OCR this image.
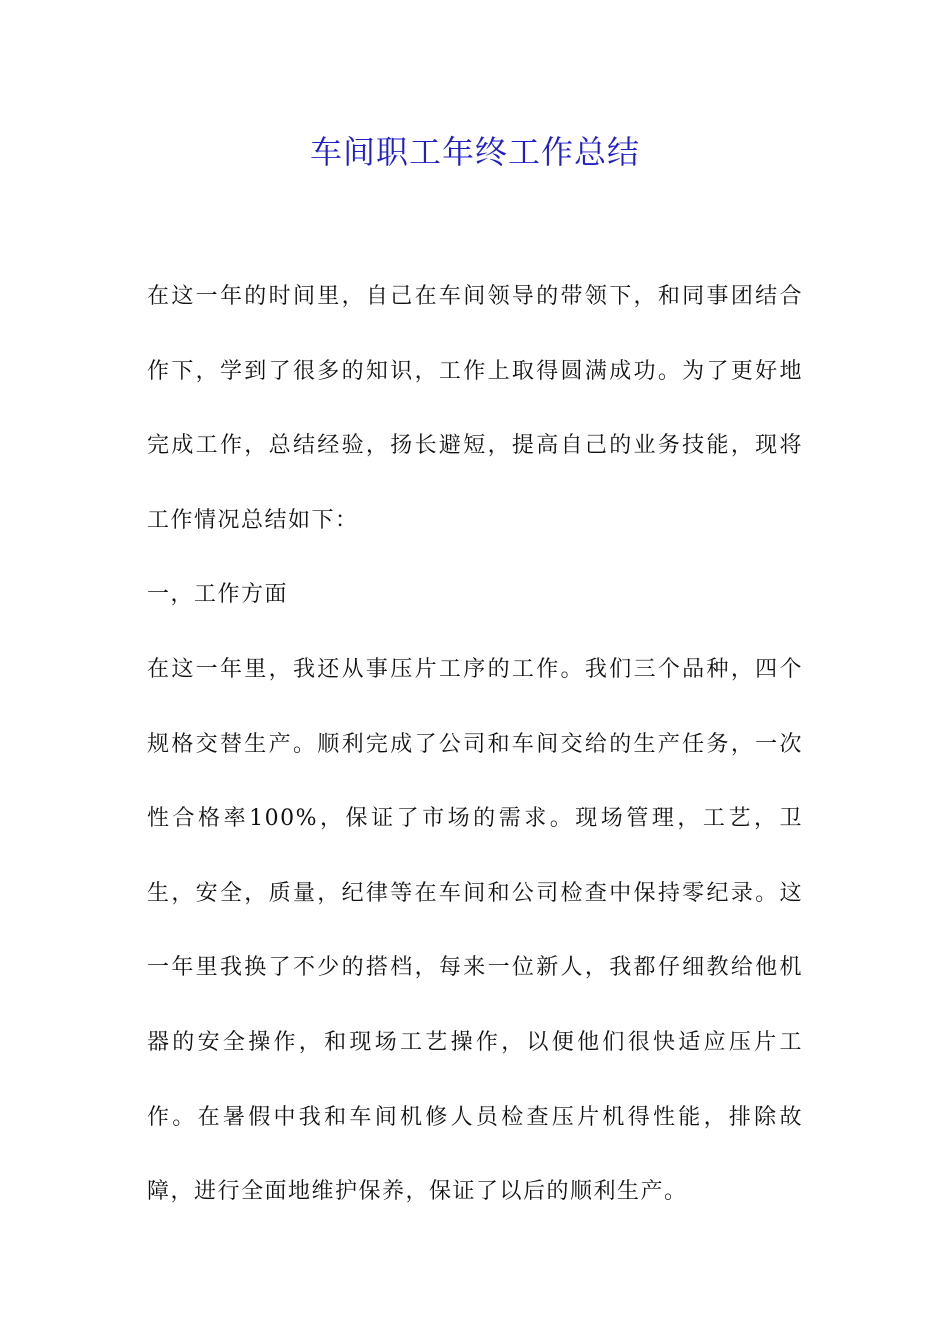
车间职工年终工作总结

在这一年的时间里，自己在车间领导的带领下，和同事团结合作下，学到了很多的知识，工作上取得圆满成功。为了更好地完成工作，总结经验，扬长避短，提高自己的业务技能，现将工作情况总结如下：

一，工作方面

在这一年里，我还从事压片工序的工作。我们三个品种，四个规格交替生产。顺利完成了公司和车间交给的生产任务，一次性合格率100%，保证了市场的需求。现场管理，工艺，卫生，安全，质量，纪律等在车间和公司检查中保持零纪录。这一年里我换了不少的搭档，每来一位新人，我都仔细教给他机器的安全操作，和现场工艺操作，以便他们很快适应压片工作。在暑假中我和车间机修人员检查压片机得性能，排除故障，进行全面地维护保养，保证了以后的顺利生产。
